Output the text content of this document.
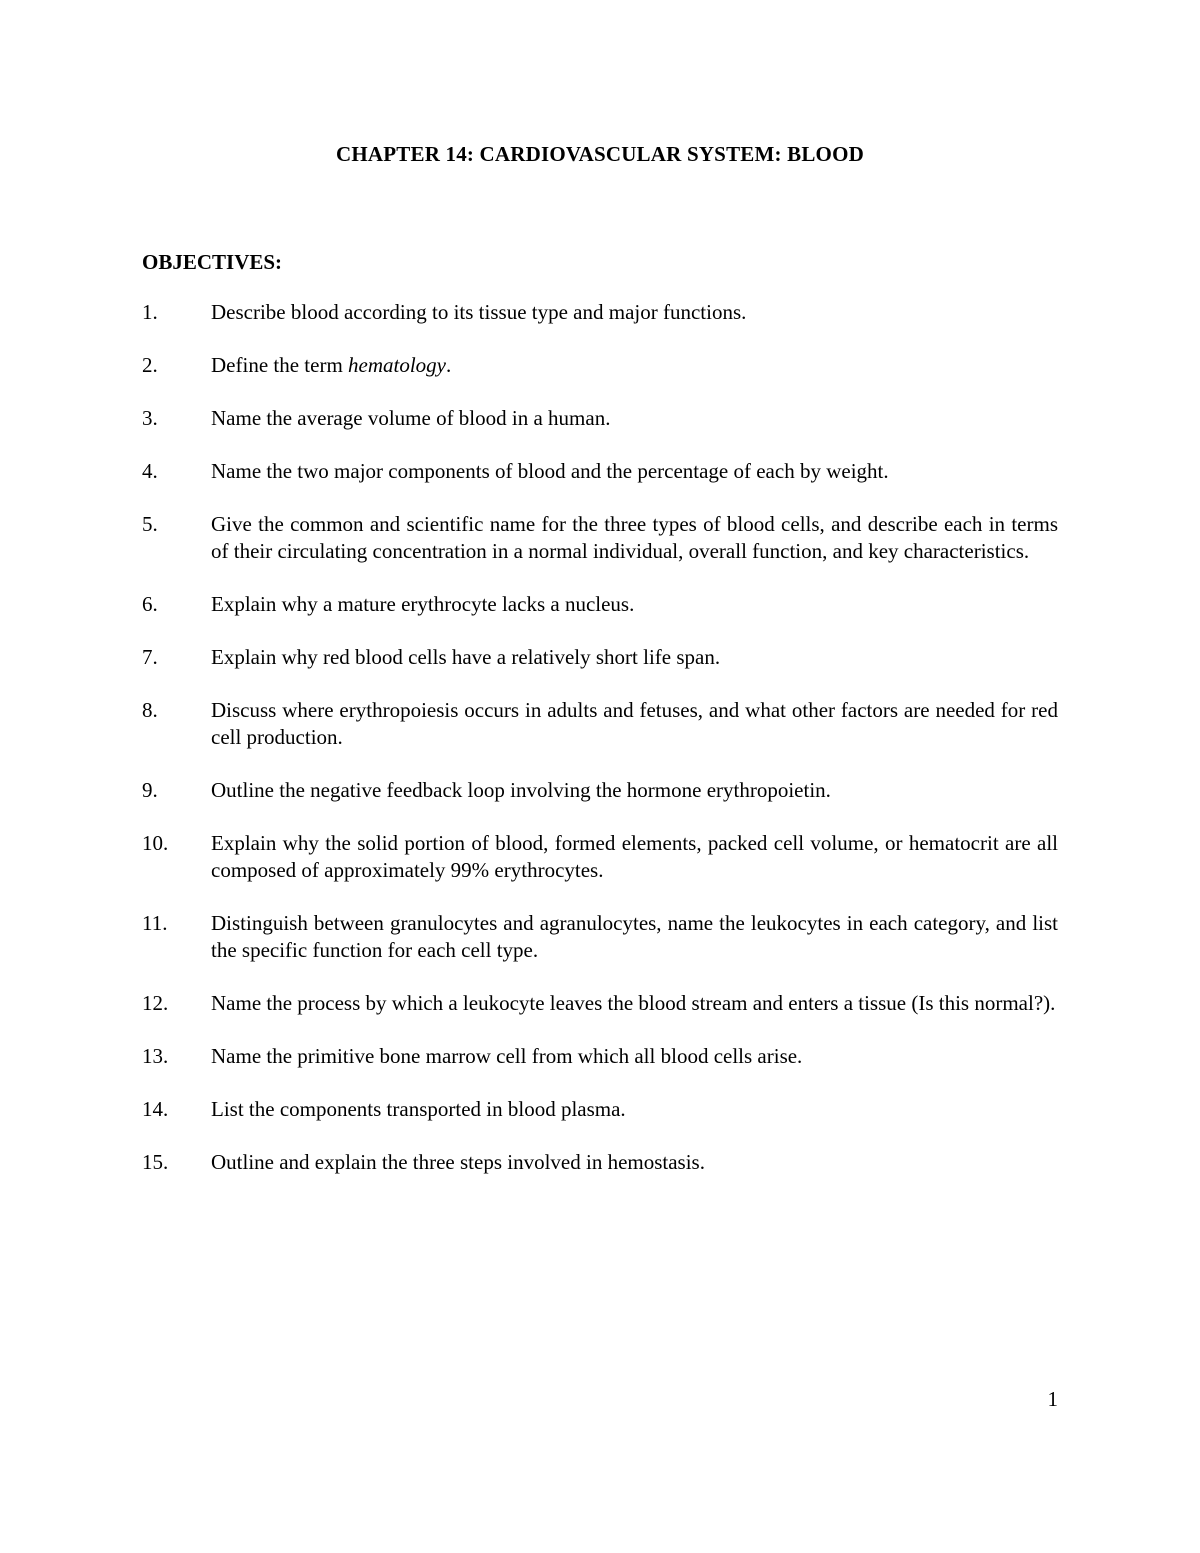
CHAPTER 14: CARDIOVASCULAR SYSTEM: BLOOD
OBJECTIVES:
1.	Describe blood according to its tissue type and major functions.
2.	Define the term hematology.
3.	Name the average volume of blood in a human.
4.	Name the two major components of blood and the percentage of each by weight.
5.	Give the common and scientific name for the three types of blood cells, and describe each in terms of their circulating concentration in a normal individual, overall function, and key characteristics.
6.	Explain why a mature erythrocyte lacks a nucleus.
7.	Explain why red blood cells have a relatively short life span.
8.	Discuss where erythropoiesis occurs in adults and fetuses, and what other factors are needed for red cell production.
9.	Outline the negative feedback loop involving the hormone erythropoietin.
10.	Explain why the solid portion of blood, formed elements, packed cell volume, or hematocrit are all composed of approximately 99% erythrocytes.
11.	Distinguish between granulocytes and agranulocytes, name the leukocytes in each category, and list the specific function for each cell type.
12.	Name the process by which a leukocyte leaves the blood stream and enters a tissue (Is this normal?).
13.	Name the primitive bone marrow cell from which all blood cells arise.
14.	List the components transported in blood plasma.
15.	Outline and explain the three steps involved in hemostasis.
1
